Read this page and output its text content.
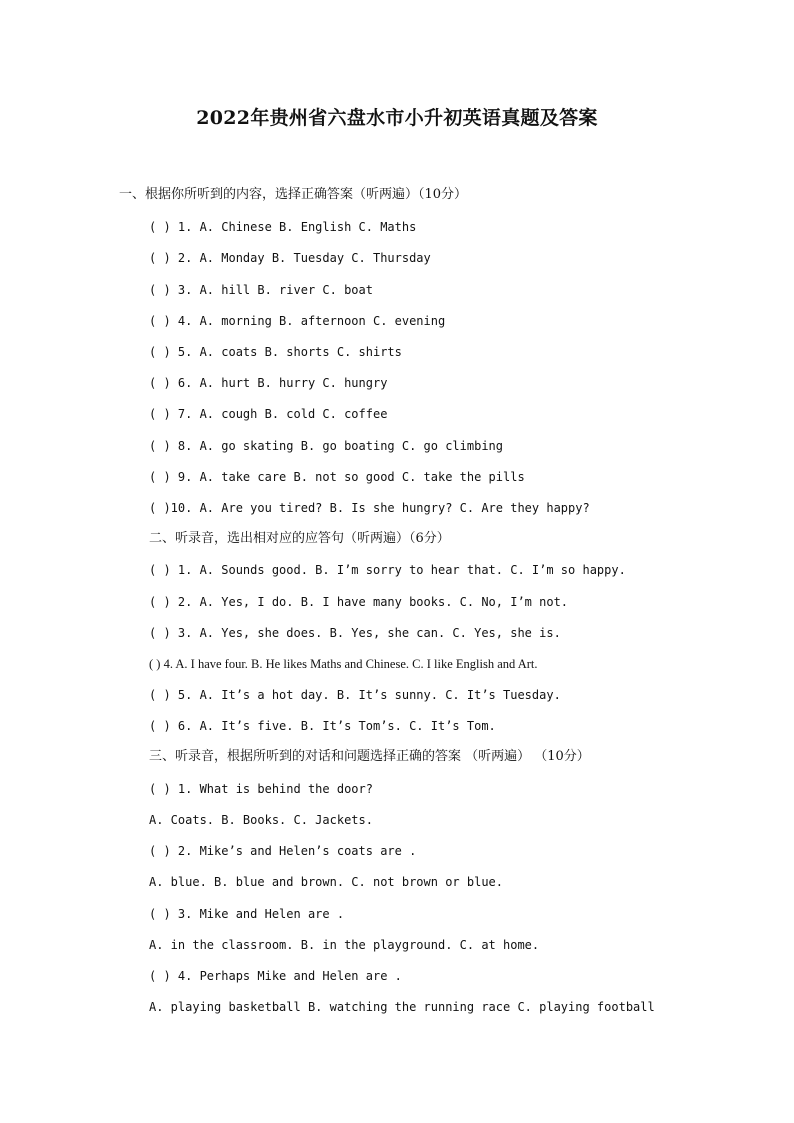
2022年贵州省六盘水市小升初英语真题及答案
一、根据你所听到的内容，选择正确答案（听两遍）（10分）
( ) 1. A. Chinese B. English C. Maths
( ) 2. A. Monday B. Tuesday C. Thursday
( ) 3. A. hill B. river C. boat
( ) 4. A. morning B. afternoon C. evening
( ) 5. A. coats B. shorts C. shirts
( ) 6. A. hurt B. hurry C. hungry
( ) 7. A. cough B. cold C. coffee
( ) 8. A. go skating B. go boating C. go climbing
( ) 9. A. take care B. not so good C. take the pills
( )10. A. Are you tired? B. Is she hungry? C. Are they happy?
二、听录音，选出相对应的应答句（听两遍）（6分）
( ) 1. A. Sounds good. B. I’m sorry to hear that. C. I’m so happy.
( ) 2. A. Yes, I do. B. I have many books. C. No, I’m not.
( ) 3. A. Yes, she does. B. Yes, she can. C. Yes, she is.
( ) 4. A. I have four. B. He likes Maths and Chinese. C. I like English and Art.
( ) 5. A. It’s a hot day. B. It’s sunny. C. It’s Tuesday.
( ) 6. A. It’s five. B. It’s Tom’s. C. It’s Tom.
三、听录音，根据所听到的对话和问题选择正确的答案 （听两遍） （10分）
( ) 1. What is behind the door?
A. Coats. B. Books. C. Jackets.
( ) 2. Mike’s and Helen’s coats are .
A. blue. B. blue and brown. C. not brown or blue.
( ) 3. Mike and Helen are .
A. in the classroom. B. in the playground. C. at home.
( ) 4. Perhaps Mike and Helen are .
A. playing basketball B. watching the running race C. playing football
